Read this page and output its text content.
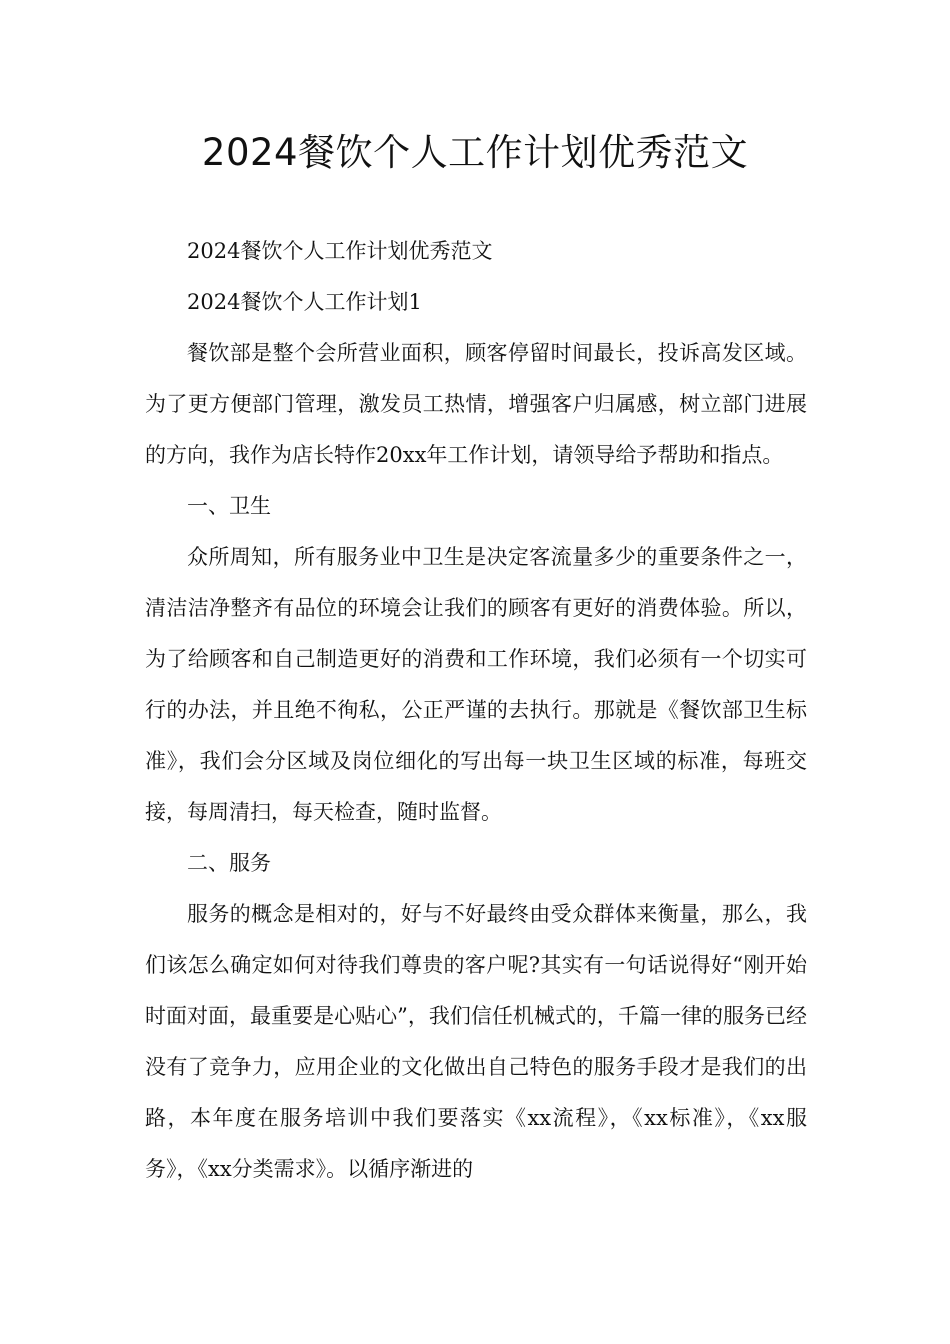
2024餐饮个人工作计划优秀范文

2024餐饮个人工作计划优秀范文

2024餐饮个人工作计划1

餐饮部是整个会所营业面积，顾客停留时间最长，投诉高发区域。为了更方便部门管理，激发员工热情，增强客户归属感，树立部门进展的方向，我作为店长特作20xx年工作计划，请领导给予帮助和指点。

一、卫生

众所周知，所有服务业中卫生是决定客流量多少的重要条件之一，清洁洁净整齐有品位的环境会让我们的顾客有更好的消费体验。所以，为了给顾客和自己制造更好的消费和工作环境，我们必须有一个切实可行的办法，并且绝不徇私，公正严谨的去执行。那就是《餐饮部卫生标准》，我们会分区域及岗位细化的写出每一块卫生区域的标准，每班交接，每周清扫，每天检查，随时监督。

二、服务

服务的概念是相对的，好与不好最终由受众群体来衡量，那么，我们该怎么确定如何对待我们尊贵的客户呢?其实有一句话说得好“刚开始时面对面，最重要是心贴心”，我们信任机械式的，千篇一律的服务已经没有了竞争力，应用企业的文化做出自己特色的服务手段才是我们的出路，本年度在服务培训中我们要落实《xx流程》，《xx标准》，《xx服务》，《xx分类需求》。以循序渐进的
